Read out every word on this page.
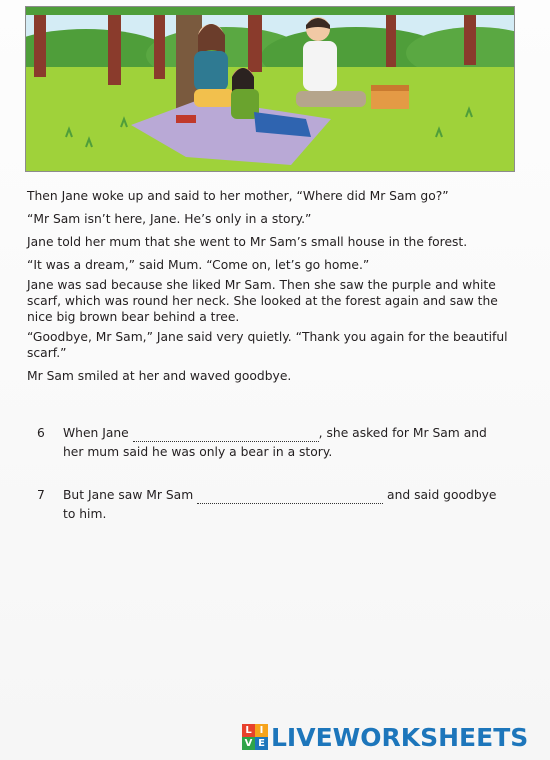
Then Jane woke up and said to her mother, “Where did Mr Sam go?”

“Mr Sam isn’t here, Jane. He’s only in a story.”

Jane told her mum that she went to Mr Sam’s small house in the forest.

“It was a dream,” said Mum. “Come on, let’s go home.”

Jane was sad because she liked Mr Sam. Then she saw the purple and white scarf, which was round her neck. She looked at the forest again and saw the nice big brown bear behind a tree.

“Goodbye, Mr Sam,” Jane said very quietly. “Thank you again for the beautiful scarf.”

Mr Sam smiled at her and waved goodbye.

6 When Jane	, she asked for Mr Sam and
her mum said he was only a bear in a story.
7 But Jane saw Mr Sam	and said goodbye
to him.
L I
V E LIVEWORKSHEETS
